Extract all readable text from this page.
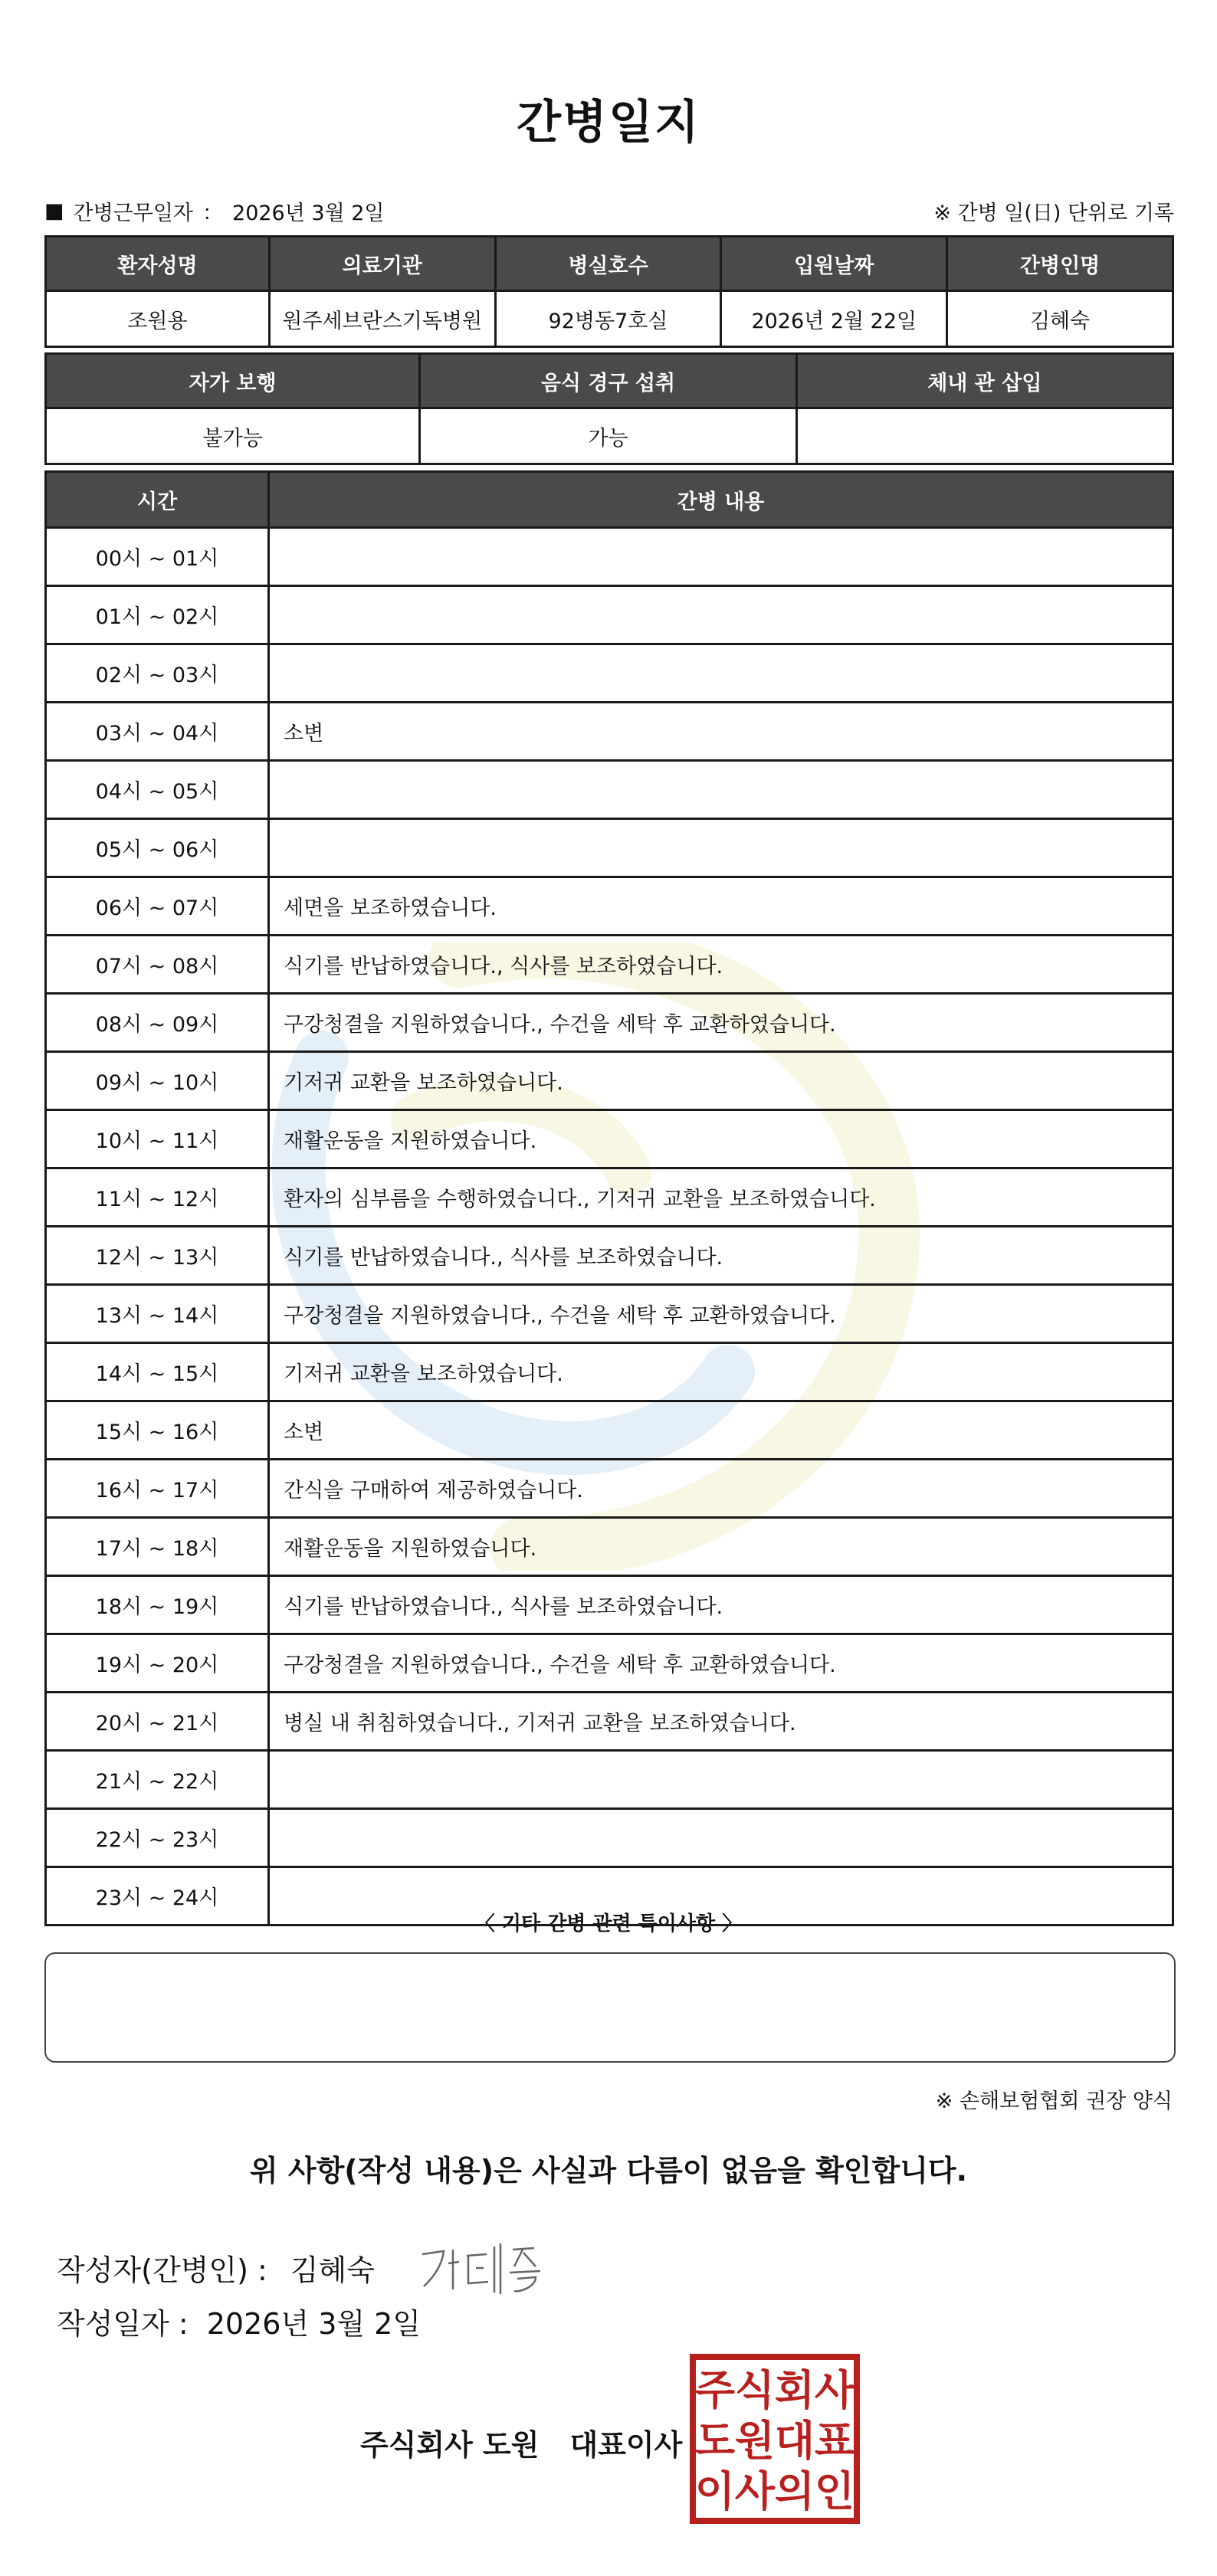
간병일지
■ 간병근무일자 ： 2026년 3월 2일	※ 간병 일(日) 단위로 기록
환자성명	의료기관	병실호수	입원날짜	간병인명
조원용	원주세브란스기독병원	92병동7호실	2026년 2월 22일	김혜숙
자가 보행	음식 경구 섭취	체내 관 삽입
불가능	가능	
시간	간병 내용
00시 ~ 01시	
01시 ~ 02시	
02시 ~ 03시	
03시 ~ 04시	소변
04시 ~ 05시	
05시 ~ 06시	
06시 ~ 07시	세면을 보조하였습니다.
07시 ~ 08시	식기를 반납하였습니다., 식사를 보조하였습니다.
08시 ~ 09시	구강청결을 지원하였습니다., 수건을 세탁 후 교환하였습니다.
09시 ~ 10시	기저귀 교환을 보조하였습니다.
10시 ~ 11시	재활운동을 지원하였습니다.
11시 ~ 12시	환자의 심부름을 수행하였습니다., 기저귀 교환을 보조하였습니다.
12시 ~ 13시	식기를 반납하였습니다., 식사를 보조하였습니다.
13시 ~ 14시	구강청결을 지원하였습니다., 수건을 세탁 후 교환하였습니다.
14시 ~ 15시	기저귀 교환을 보조하였습니다.
15시 ~ 16시	소변
16시 ~ 17시	간식을 구매하여 제공하였습니다.
17시 ~ 18시	재활운동을 지원하였습니다.
18시 ~ 19시	식기를 반납하였습니다., 식사를 보조하였습니다.
19시 ~ 20시	구강청결을 지원하였습니다., 수건을 세탁 후 교환하였습니다.
20시 ~ 21시	병실 내 취침하였습니다., 기저귀 교환을 보조하였습니다.
21시 ~ 22시	
22시 ~ 23시	
23시 ~ 24시	
〈 기타 간병 관련 특이사항 〉
※ 손해보험협회 권장 양식
위 사항(작성 내용)은 사실과 다름이 없음을 확인합니다.
작성자(간병인) : 김혜숙
작성일자 : 2026년 3월 2일
주식회사 도원 대표이사
주 식 회 사
도 원 대 표
이 사 의 인
